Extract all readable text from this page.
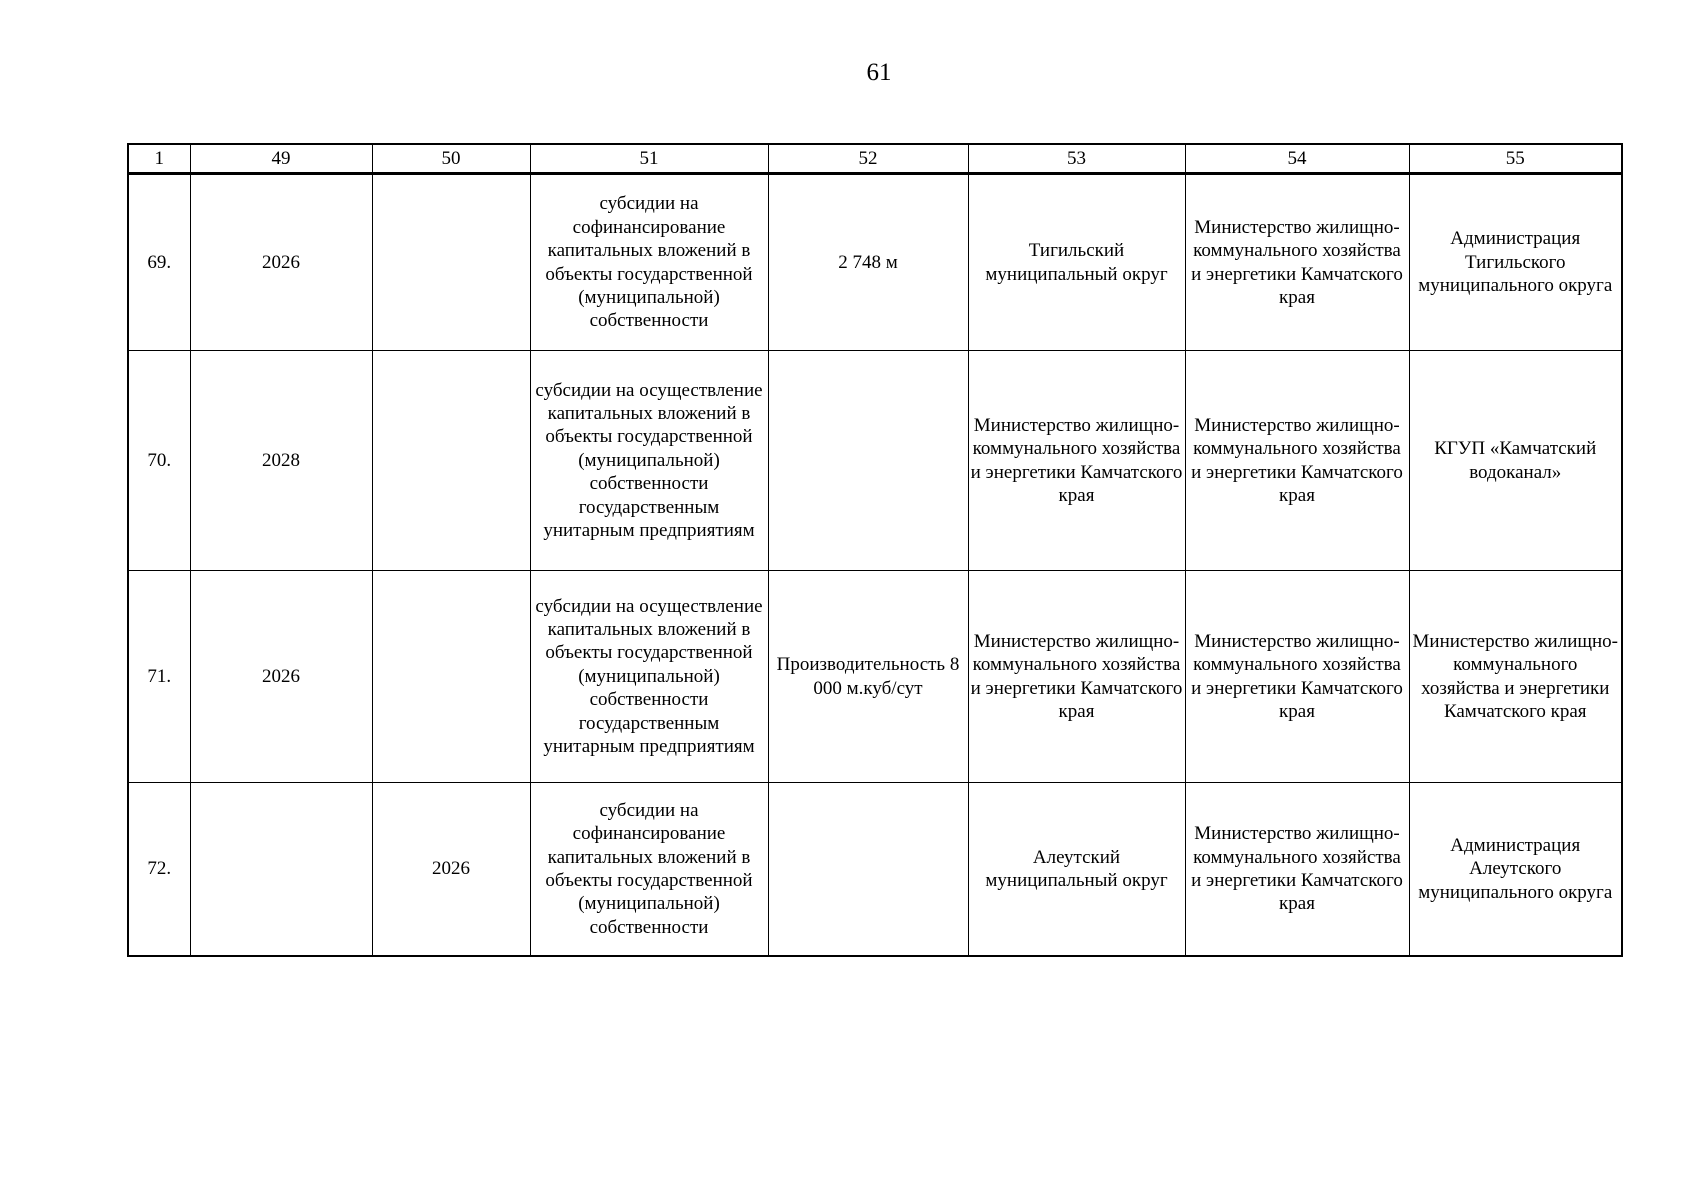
61
1	49	50	51	52	53	54	55
69.	2026		субсидии на софинансирование капитальных вложений в объекты государственной (муниципальной) собственности	2 748 м	Тигильский муниципальный округ	Министерство жилищно-коммунального хозяйства и энергетики Камчатского края	Администрация Тигильского муниципального округа
70.	2028		субсидии на осуществление капитальных вложений в объекты государственной (муниципальной) собственности государственным унитарным предприятиям		Министерство жилищно-коммунального хозяйства и энергетики Камчатского края	Министерство жилищно-коммунального хозяйства и энергетики Камчатского края	КГУП «Камчатский водоканал»
71.	2026		субсидии на осуществление капитальных вложений в объекты государственной (муниципальной) собственности государственным унитарным предприятиям	Производительность 8 000 м.куб/сут	Министерство жилищно-коммунального хозяйства и энергетики Камчатского края	Министерство жилищно-коммунального хозяйства и энергетики Камчатского края	Министерство жилищно-коммунального хозяйства и энергетики Камчатского края
72.		2026	субсидии на софинансирование капитальных вложений в объекты государственной (муниципальной) собственности		Алеутский муниципальный округ	Министерство жилищно-коммунального хозяйства и энергетики Камчатского края	Администрация Алеутского муниципального округа
